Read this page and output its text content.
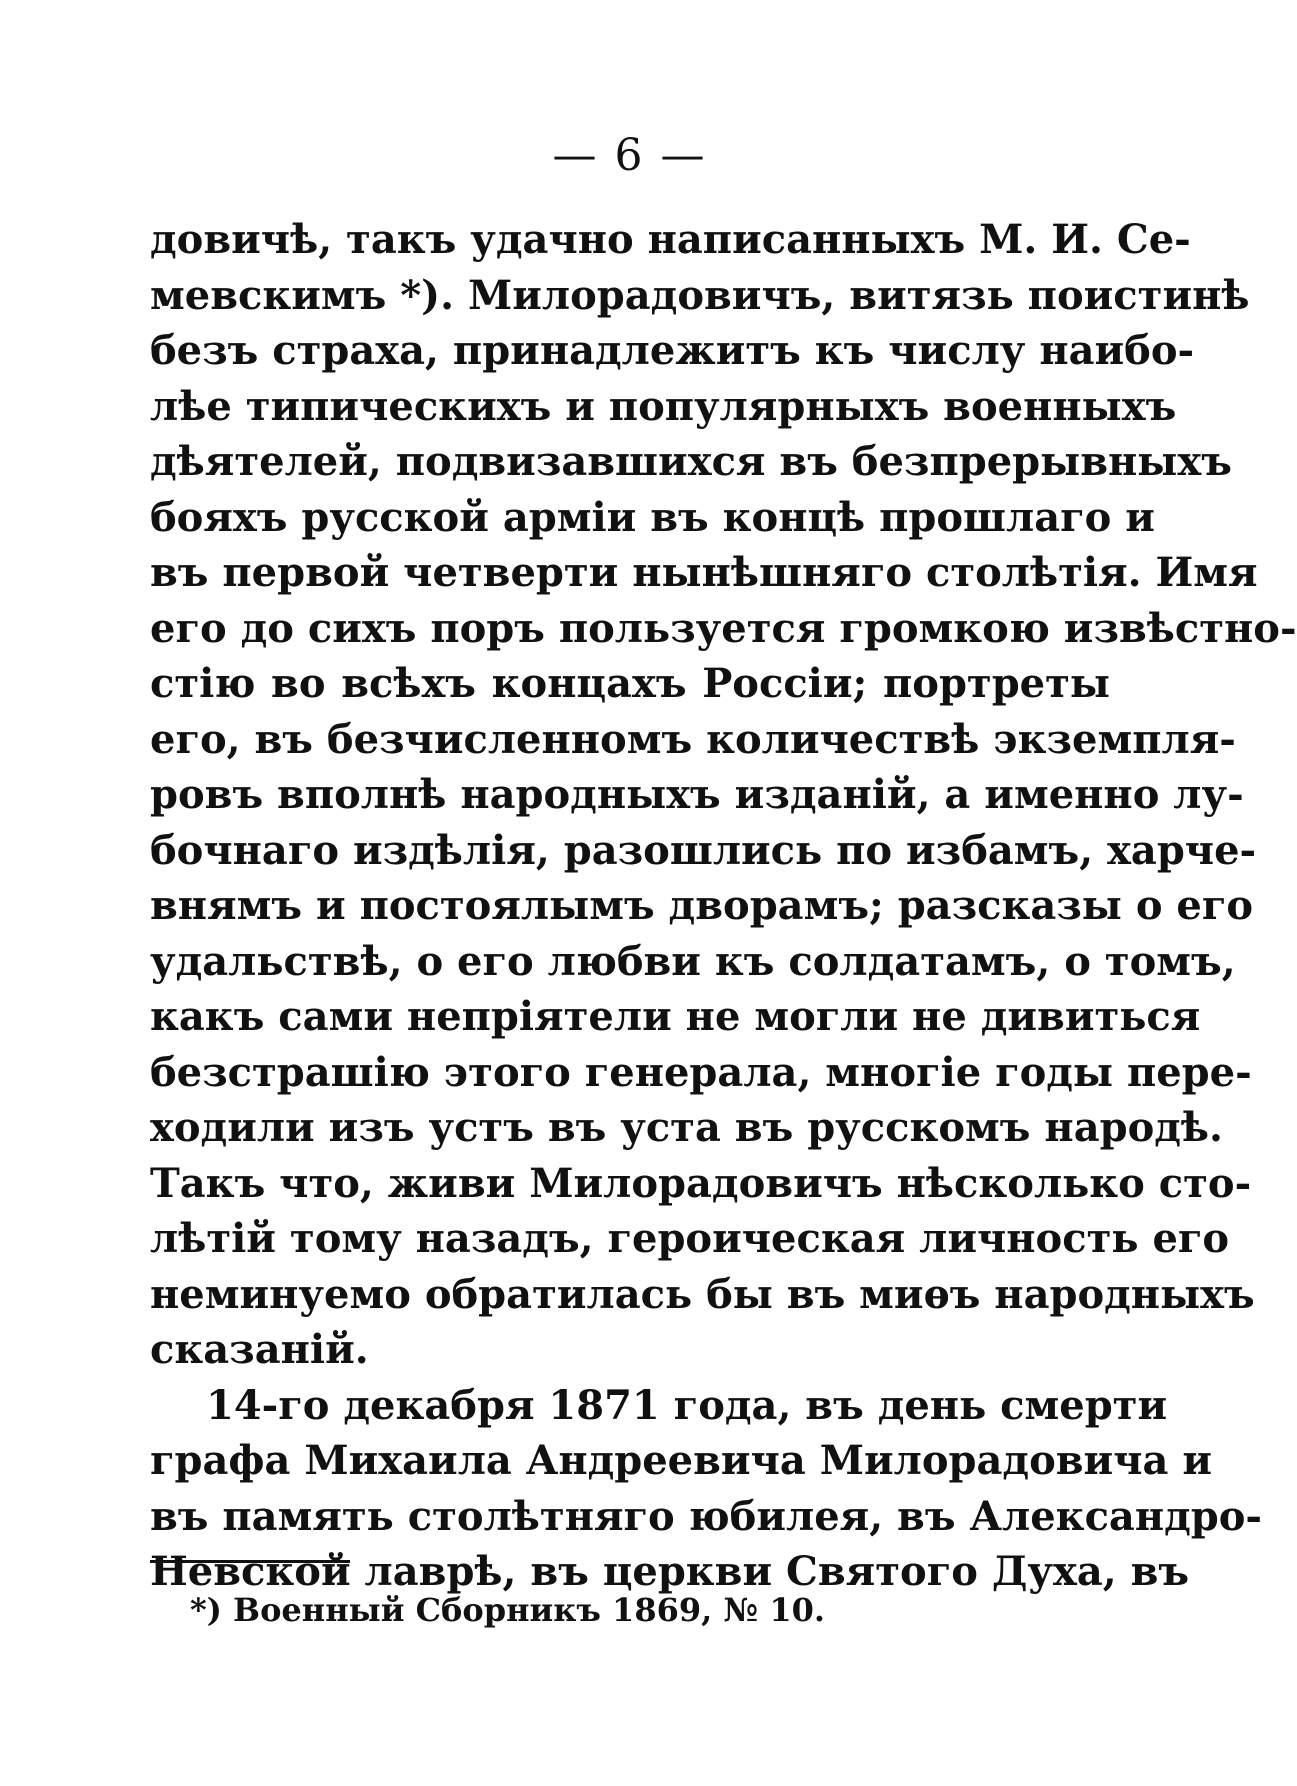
— 6 —
довичѣ, такъ удачно написанныхъ М. И. Се-
мевскимъ *). Милорадовичъ, витязь поистинѣ
безъ страха, принадлежитъ къ числу наибо-
лѣе типическихъ и популярныхъ военныхъ
дѣятелей, подвизавшихся въ безпрерывныхъ
бояхъ русской арміи въ концѣ прошлаго и
въ первой четверти нынѣшняго столѣтія. Имя
его до сихъ поръ пользуется громкою извѣстно-
стію во всѣхъ концахъ Россіи; портреты
его, въ безчисленномъ количествѣ экземпля-
ровъ вполнѣ народныхъ изданій, а именно лу-
бочнаго издѣлія, разошлись по избамъ, харче-
внямъ и постоялымъ дворамъ; разсказы о его
удальствѣ, о его любви къ солдатамъ, о томъ,
какъ сами непріятели не могли не дивиться
безстрашію этого генерала, многіе годы пере-
ходили изъ устъ въ уста въ русскомъ народѣ.
Такъ что, живи Милорадовичъ нѣсколько сто-
лѣтій тому назадъ, героическая личность его
неминуемо обратилась бы въ миѳъ народныхъ
сказаній.
14-го декабря 1871 года, въ день смерти
графа Михаила Андреевича Милорадовича и
въ память столѣтняго юбилея, въ Александро-
Невской лаврѣ, въ церкви Святого Духа, въ
*) Военный Сборникъ 1869, № 10.
